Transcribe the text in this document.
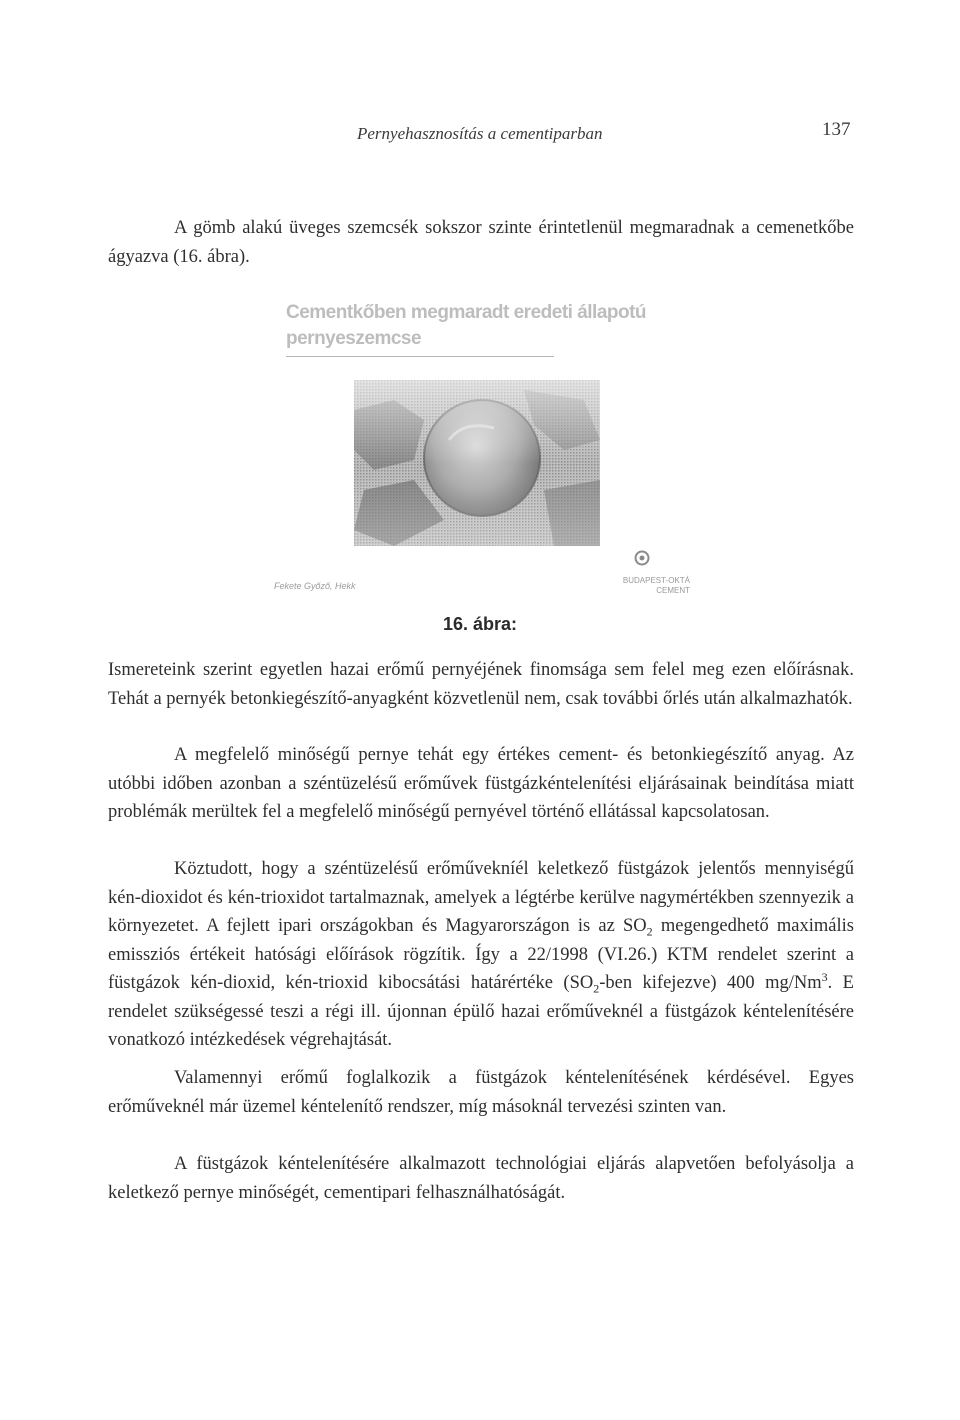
Pernyehasznosítás a cementiparban	137

A gömb alakú üveges szemcsék sokszor szinte érintetlenül megmaradnak a cemenetkőbe ágyazva (16. ábra).

Cementkőben megmaradt eredeti állapotú pernyeszemcse
Fekete Győző, Hekk
BUDAPEST-OKTÁ
CEMENT
16. ábra:

Ismereteink szerint egyetlen hazai erőmű pernyéjének finomsága sem felel meg ezen előírásnak. Tehát a pernyék betonkiegészítő-anyagként közvetlenül nem, csak további őrlés után alkalmazhatók.

A megfelelő minőségű pernye tehát egy értékes cement- és betonkiegészítő anyag. Az utóbbi időben azonban a széntüzelésű erőművek füstgázkéntelenítési eljárásainak beindítása miatt problémák merültek fel a megfelelő minőségű pernyével történő ellátással kapcsolatosan.

Köztudott, hogy a széntüzelésű erőművekníél keletkező füstgázok jelentős mennyiségű kén-dioxidot és kén-trioxidot tartalmaznak, amelyek a légtérbe kerülve nagymértékben szennyezik a környezetet. A fejlett ipari országokban és Magyarországon is az $SO_2$ megengedhető maximális emissziós értékeit hatósági előírások rögzítik. Így a 22/1998 (VI.26.) KTM rendelet szerint a füstgázok kén-dioxid, kén-trioxid kibocsátási határértéke ($SO_2$-ben kifejezve) 400 mg/Nm$^3$. E rendelet szükségessé teszi a régi ill. újonnan épülő hazai erőműveknél a füstgázok kéntelenítésére vonatkozó intézkedések végrehajtását.

Valamennyi erőmű foglalkozik a füstgázok kéntelenítésének kérdésével. Egyes erőműveknél már üzemel kéntelenítő rendszer, míg másoknál tervezési szinten van.

A füstgázok kéntelenítésére alkalmazott technológiai eljárás alapvetően befolyásolja a keletkező pernye minőségét, cementipari felhasználhatóságát.
